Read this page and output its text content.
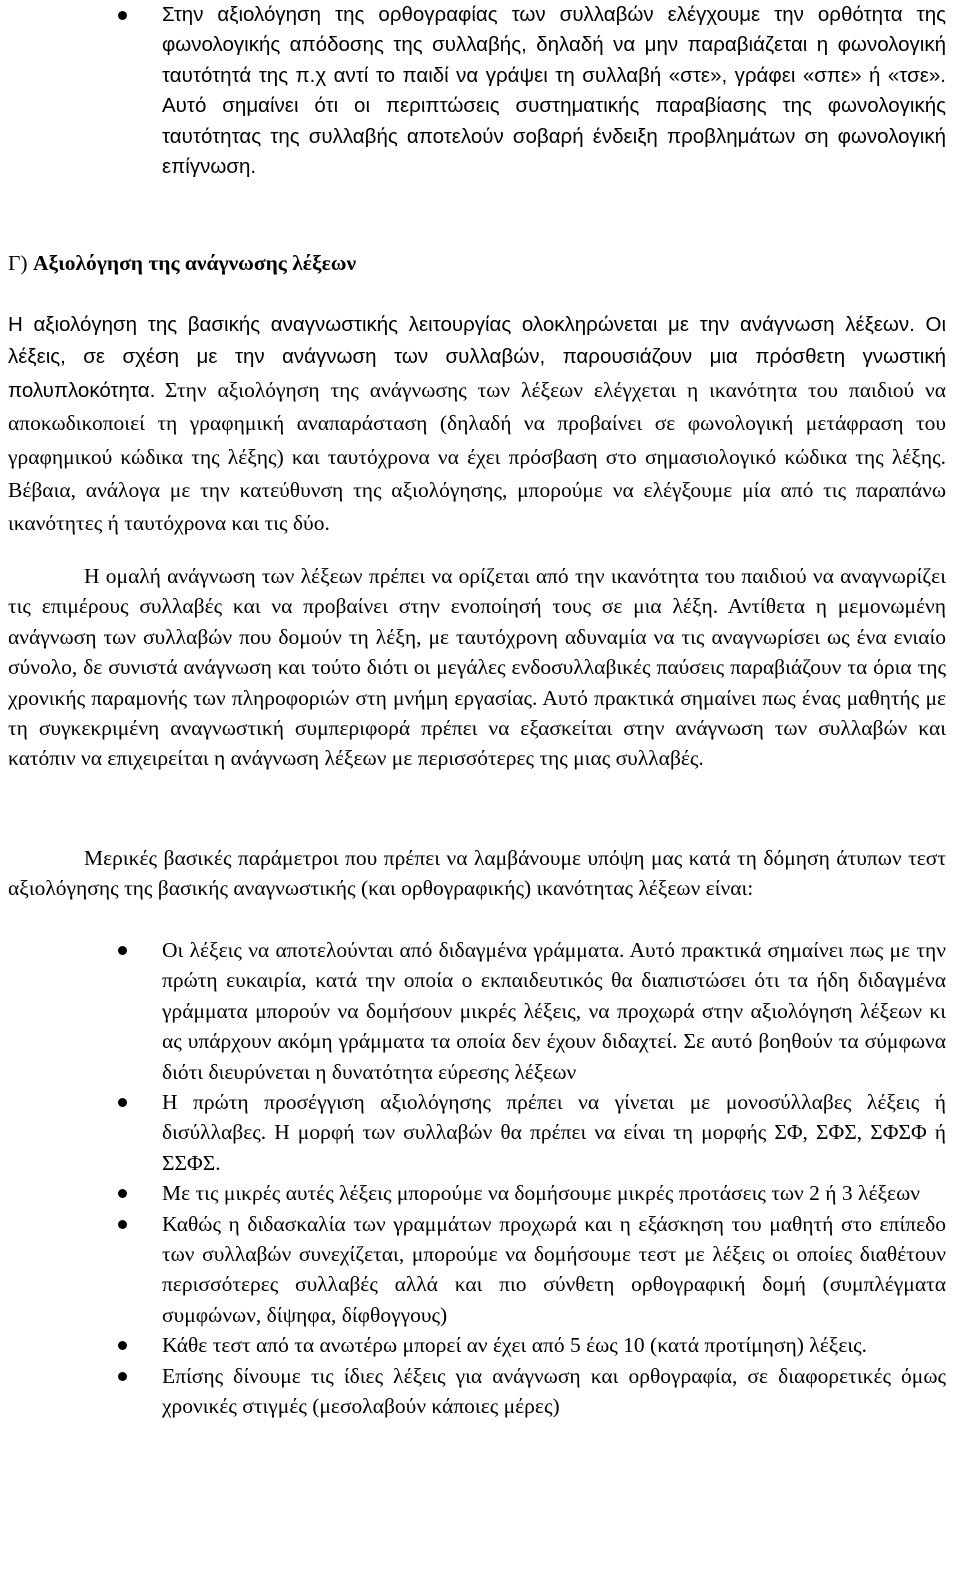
Στην αξιολόγηση της ορθογραφίας των συλλαβών ελέγχουμε την ορθότητα της φωνολογικής απόδοσης της συλλαβής, δηλαδή να μην παραβιάζεται η φωνολογική ταυτότητά της π.χ αντί το παιδί να γράψει τη συλλαβή «στε», γράφει «σπε» ή «τσε». Αυτό σημαίνει ότι οι περιπτώσεις συστηματικής παραβίασης της φωνολογικής ταυτότητας της συλλαβής αποτελούν σοβαρή ένδειξη προβλημάτων ση φωνολογική επίγνωση.
Γ) Αξιολόγηση της ανάγνωσης λέξεων
Η αξιολόγηση της βασικής αναγνωστικής λειτουργίας ολοκληρώνεται με την ανάγνωση λέξεων. Οι λέξεις, σε σχέση με την ανάγνωση των συλλαβών, παρουσιάζουν μια πρόσθετη γνωστική πολυπλοκότητα. Στην αξιολόγηση της ανάγνωσης των λέξεων ελέγχεται η ικανότητα του παιδιού να αποκωδικοποιεί τη γραφημική αναπαράσταση (δηλαδή να προβαίνει σε φωνολογική μετάφραση του γραφημικού κώδικα της λέξης) και ταυτόχρονα να έχει πρόσβαση στο σημασιολογικό κώδικα της λέξης. Βέβαια, ανάλογα με την κατεύθυνση της αξιολόγησης, μπορούμε να ελέγξουμε μία από τις παραπάνω ικανότητες ή ταυτόχρονα και τις δύο.
Η ομαλή ανάγνωση των λέξεων πρέπει να ορίζεται από την ικανότητα του παιδιού να αναγνωρίζει τις επιμέρους συλλαβές και να προβαίνει στην ενοποίησή τους σε μια λέξη. Αντίθετα η μεμονωμένη ανάγνωση των συλλαβών που δομούν τη λέξη, με ταυτόχρονη αδυναμία να τις αναγνωρίσει ως ένα ενιαίο σύνολο, δε συνιστά ανάγνωση και τούτο διότι οι μεγάλες ενδοσυλλαβικές παύσεις παραβιάζουν τα όρια της χρονικής παραμονής των πληροφοριών στη μνήμη εργασίας. Αυτό πρακτικά σημαίνει πως ένας μαθητής με τη συγκεκριμένη αναγνωστική συμπεριφορά πρέπει να εξασκείται στην ανάγνωση των συλλαβών και κατόπιν να επιχειρείται η ανάγνωση λέξεων με περισσότερες της μιας συλλαβές.
Μερικές βασικές παράμετροι που πρέπει να λαμβάνουμε υπόψη μας κατά τη δόμηση άτυπων τεστ αξιολόγησης της βασικής αναγνωστικής (και ορθογραφικής) ικανότητας λέξεων είναι:
Οι λέξεις να αποτελούνται από διδαγμένα γράμματα. Αυτό πρακτικά σημαίνει πως με την πρώτη ευκαιρία, κατά την οποία ο εκπαιδευτικός θα διαπιστώσει ότι τα ήδη διδαγμένα γράμματα μπορούν να δομήσουν μικρές λέξεις, να προχωρά στην αξιολόγηση λέξεων κι ας υπάρχουν ακόμη γράμματα τα οποία δεν έχουν διδαχτεί. Σε αυτό βοηθούν τα σύμφωνα διότι διευρύνεται η δυνατότητα εύρεσης λέξεων
Η πρώτη προσέγγιση αξιολόγησης πρέπει να γίνεται με μονοσύλλαβες λέξεις ή δισύλλαβες. Η μορφή των συλλαβών θα πρέπει να είναι τη μορφής ΣΦ, ΣΦΣ, ΣΦΣΦ ή ΣΣΦΣ.
Με τις μικρές αυτές λέξεις μπορούμε να δομήσουμε μικρές προτάσεις των 2 ή 3 λέξεων
Καθώς η διδασκαλία των γραμμάτων προχωρά και η εξάσκηση του μαθητή στο επίπεδο των συλλαβών συνεχίζεται, μπορούμε να δομήσουμε τεστ με λέξεις οι οποίες διαθέτουν περισσότερες συλλαβές αλλά και πιο σύνθετη ορθογραφική δομή (συμπλέγματα συμφώνων, δίψηφα, δίφθογγους)
Κάθε τεστ από τα ανωτέρω μπορεί αν έχει από 5 έως 10 (κατά προτίμηση) λέξεις.
Επίσης δίνουμε τις ίδιες λέξεις για ανάγνωση και ορθογραφία, σε διαφορετικές όμως χρονικές στιγμές (μεσολαβούν κάποιες μέρες)
